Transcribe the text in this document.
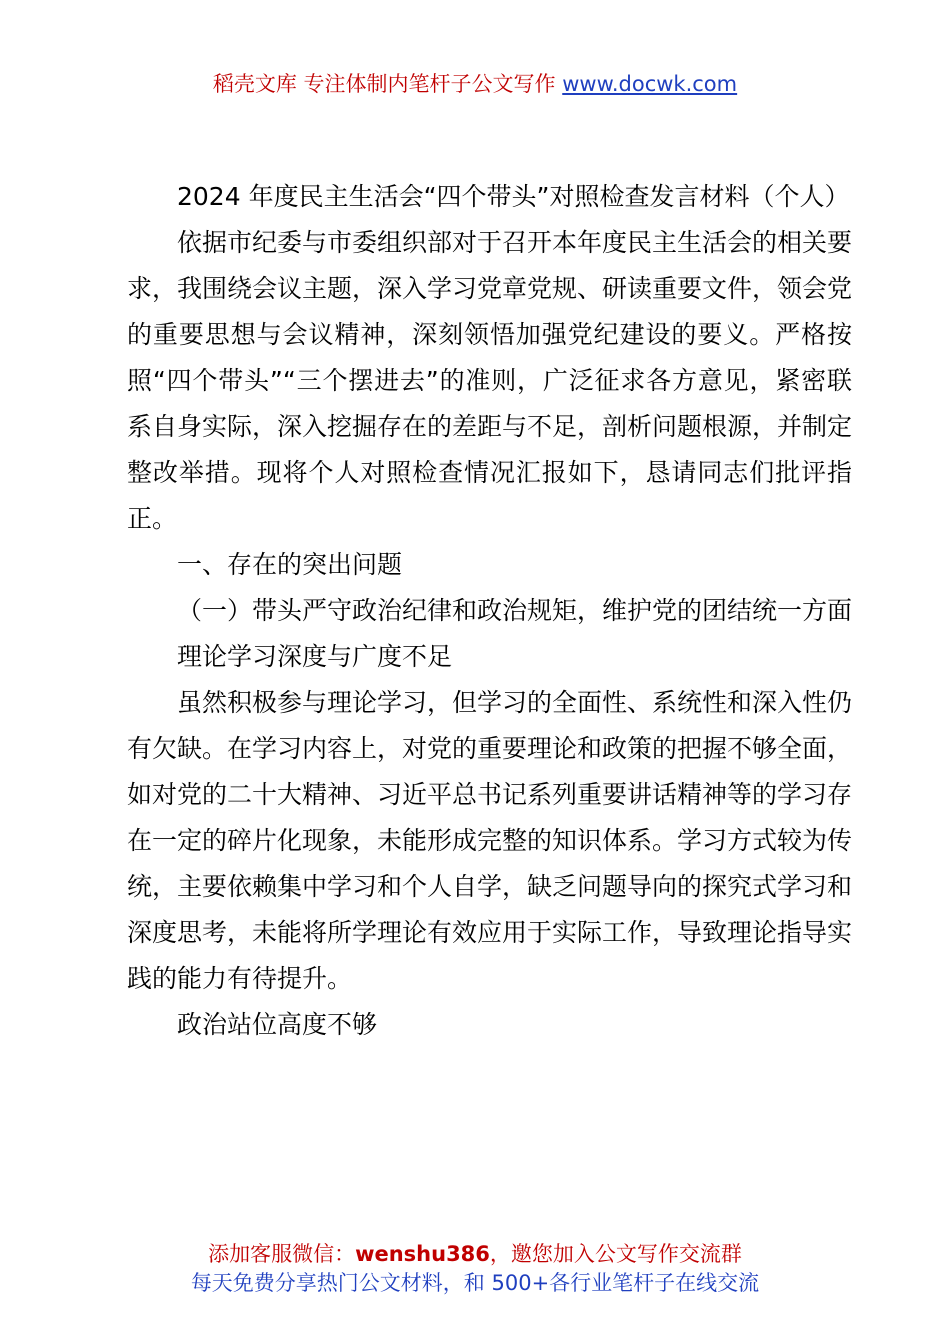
稻壳文库 专注体制内笔杆子公文写作 www.docwk.com

2024 年度民主生活会“四个带头”对照检查发言材料（个人）

依据市纪委与市委组织部对于召开本年度民主生活会的相关要求，我围绕会议主题，深入学习党章党规、研读重要文件，领会党的重要思想与会议精神，深刻领悟加强党纪建设的要义。严格按照“四个带头”“三个摆进去”的准则，广泛征求各方意见，紧密联系自身实际，深入挖掘存在的差距与不足，剖析问题根源，并制定整改举措。现将个人对照检查情况汇报如下，恳请同志们批评指正。

一、存在的突出问题

（一）带头严守政治纪律和政治规矩，维护党的团结统一方面

理论学习深度与广度不足

虽然积极参与理论学习，但学习的全面性、系统性和深入性仍有欠缺。在学习内容上，对党的重要理论和政策的把握不够全面，如对党的二十大精神、习近平总书记系列重要讲话精神等的学习存在一定的碎片化现象，未能形成完整的知识体系。学习方式较为传统，主要依赖集中学习和个人自学，缺乏问题导向的探究式学习和深度思考，未能将所学理论有效应用于实际工作，导致理论指导实践的能力有待提升。

政治站位高度不够

添加客服微信：wenshu386，邀您加入公文写作交流群
每天免费分享热门公文材料，和 500+各行业笔杆子在线交流
